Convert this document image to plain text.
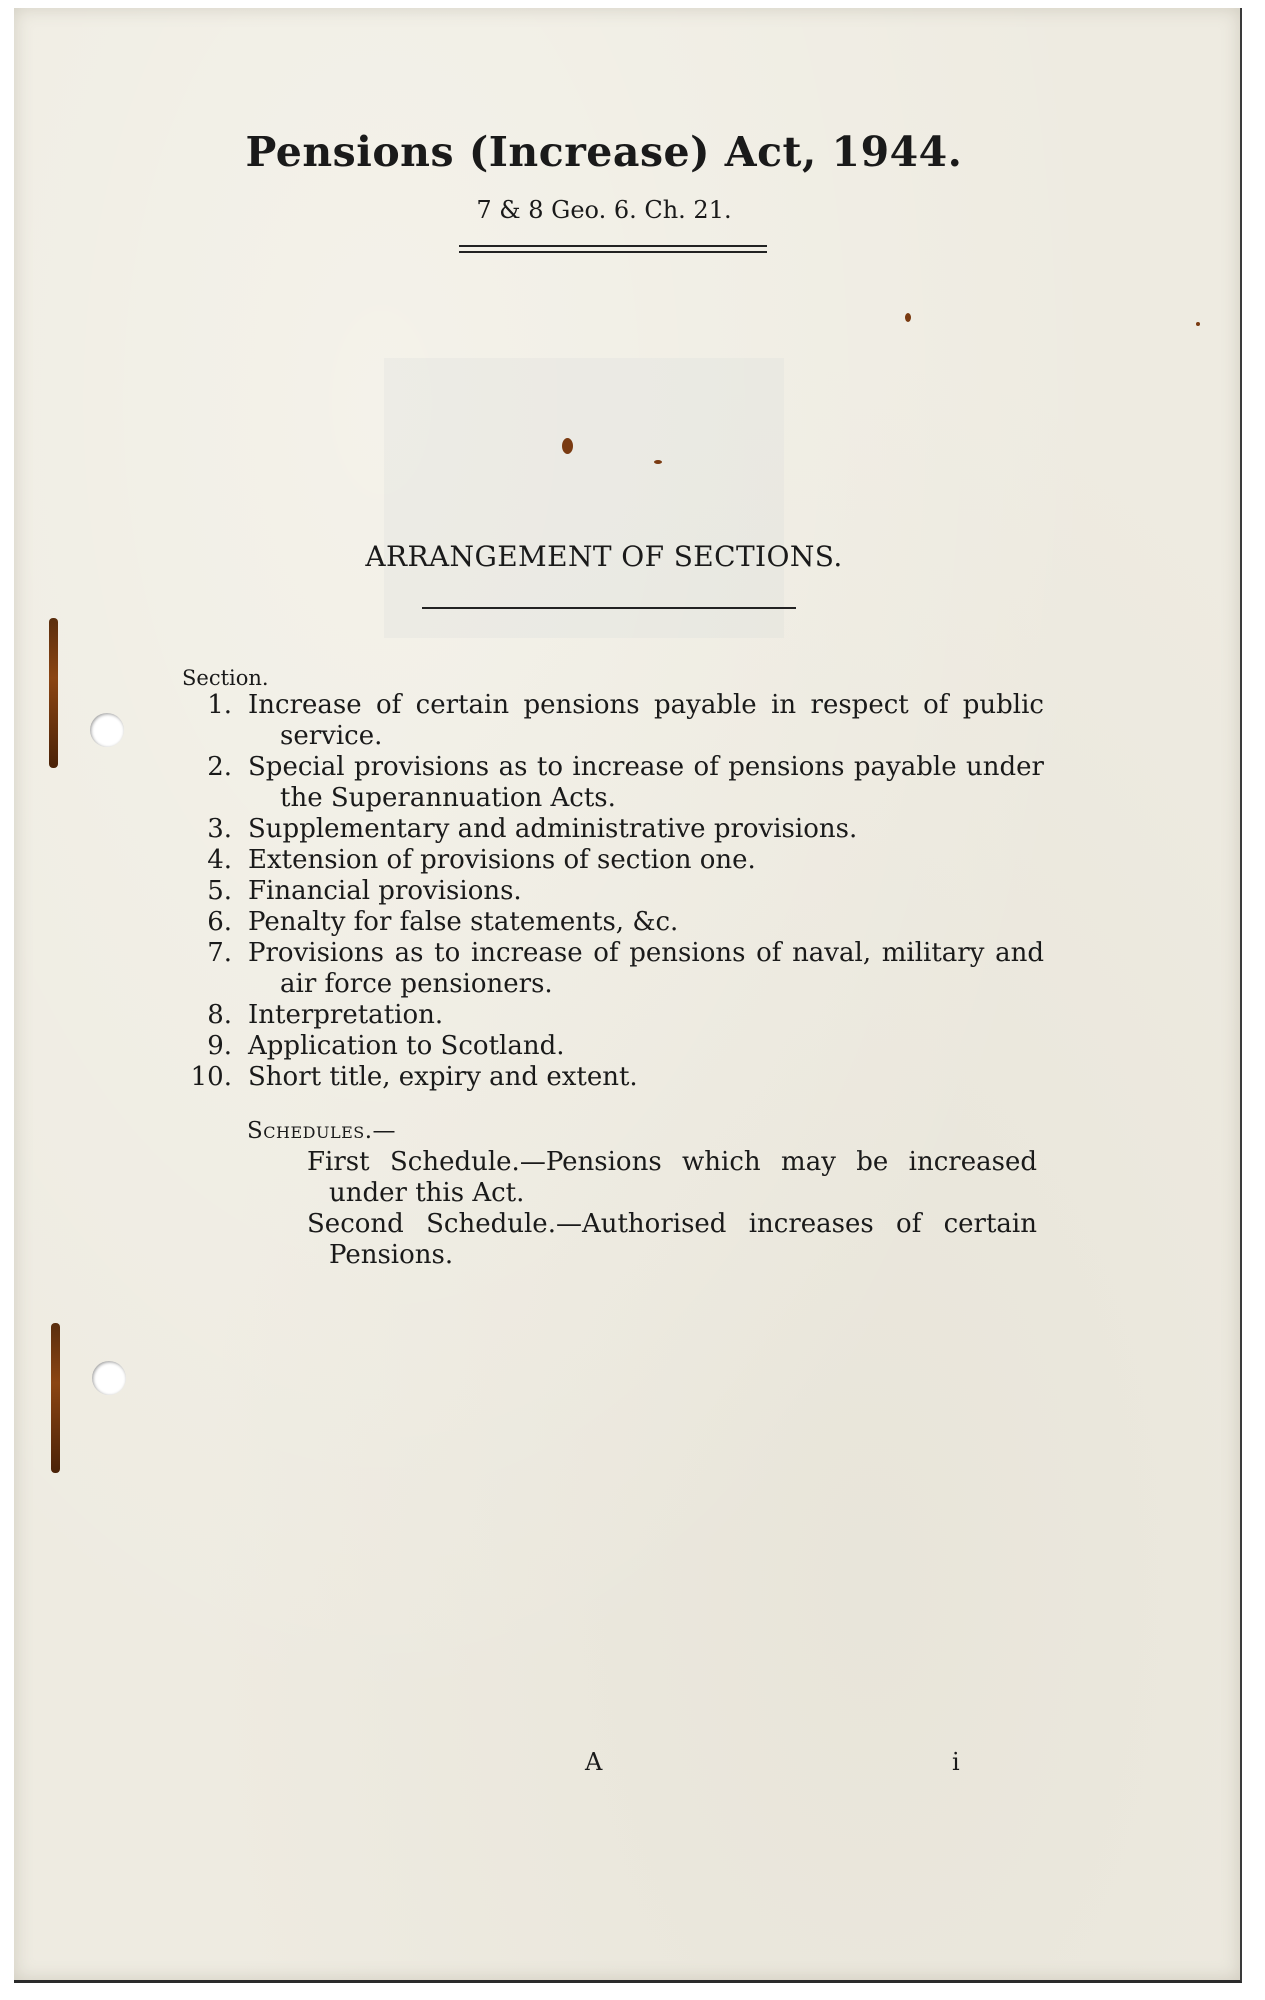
Pensions (Increase) Act, 1944.
7 & 8 Geo. 6. Ch. 21.
ARRANGEMENT OF SECTIONS.
Section.
1. Increase of certain pensions payable in respect of public service.
2. Special provisions as to increase of pensions payable under the Superannuation Acts.
3. Supplementary and administrative provisions.
4. Extension of provisions of section one.
5. Financial provisions.
6. Penalty for false statements, &c.
7. Provisions as to increase of pensions of naval, military and air force pensioners.
8. Interpretation.
9. Application to Scotland.
10. Short title, expiry and extent.
Schedules.—
First Schedule.—Pensions which may be increased under this Act.
Second Schedule.—Authorised increases of certain Pensions.
A	i
